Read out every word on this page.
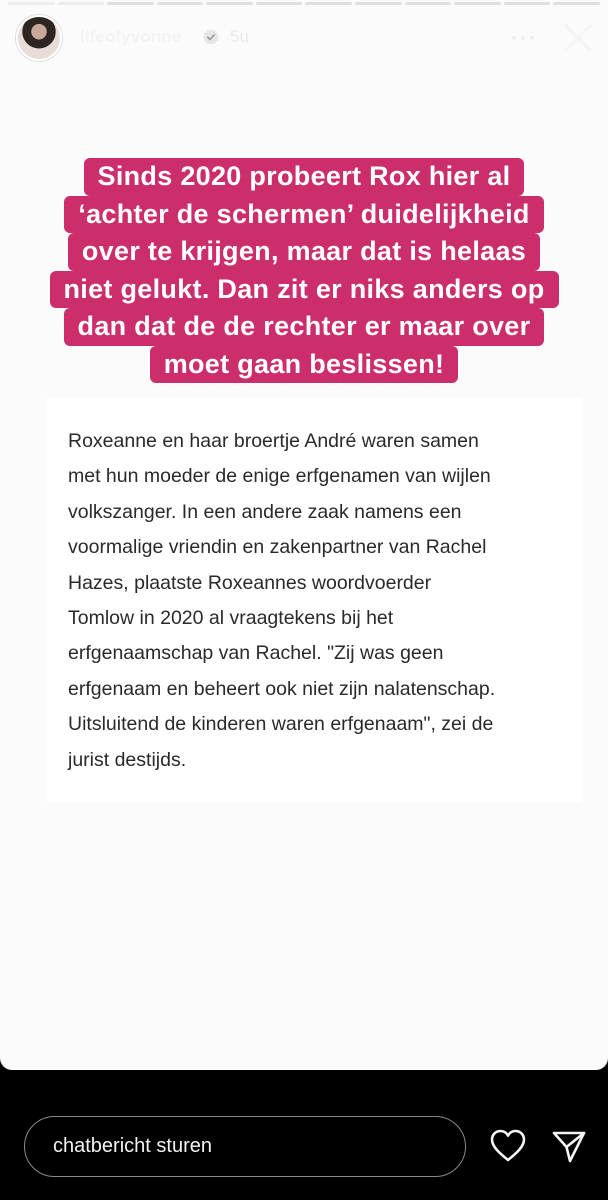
lifeofyvonne	5u
Sinds 2020 probeert Rox hier al
‘achter de schermen’ duidelijkheid
over te krijgen, maar dat is helaas
niet gelukt. Dan zit er niks anders op
dan dat de de rechter er maar over
moet gaan beslissen!

Roxeanne en haar broertje André waren samen
met hun moeder de enige erfgenamen van wijlen
volkszanger. In een andere zaak namens een
voormalige vriendin en zakenpartner van Rachel
Hazes, plaatste Roxeannes woordvoerder
Tomlow in 2020 al vraagtekens bij het
erfgenaamschap van Rachel. "Zij was geen
erfgenaam en beheert ook niet zijn nalatenschap.
Uitsluitend de kinderen waren erfgenaam", zei de
jurist destijds.

chatbericht sturen
